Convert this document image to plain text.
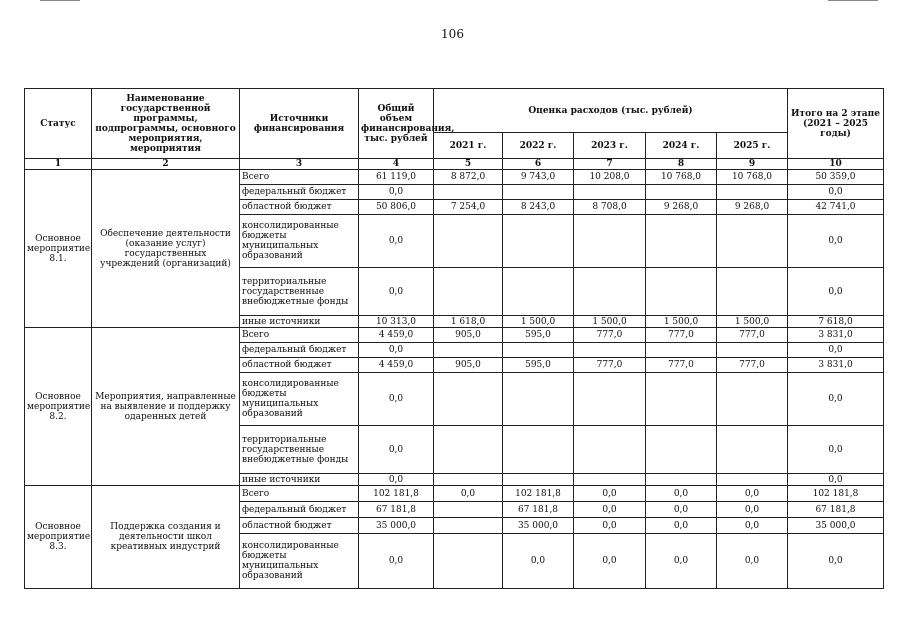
106
Статус	Наименование государственной программы, подпрограммы, основного мероприятия, мероприятия	Источники финансирования	Общий объем финансирования, тыс. рублей	Оценка расходов (тыс. рублей)					Итого на 2 этапе (2021 – 2025 годы)
				2021 г.	2022 г.	2023 г.	2024 г.	2025 г.	
1	2	3	4	5	6	7	8	9	10
Основное мероприятие 8.1.	Обеспечение деятельности (оказание услуг) государственных учреждений (организаций)	Всего	61 119,0	8 872,0	9 743,0	10 208,0	10 768,0	10 768,0	50 359,0
		федеральный бюджет	0,0						0,0
		областной бюджет	50 806,0	7 254,0	8 243,0	8 708,0	9 268,0	9 268,0	42 741,0
		консолидированные бюджеты муниципальных образований	0,0						0,0
		территориальные государственные внебюджетные фонды	0,0						0,0
		иные источники	10 313,0	1 618,0	1 500,0	1 500,0	1 500,0	1 500,0	7 618,0
Основное мероприятие 8.2.	Мероприятия, направленные на выявление и поддержку одаренных детей	Всего	4 459,0	905,0	595,0	777,0	777,0	777,0	3 831,0
		федеральный бюджет	0,0						0,0
		областной бюджет	4 459,0	905,0	595,0	777,0	777,0	777,0	3 831,0
		консолидированные бюджеты муниципальных образований	0,0						0,0
		территориальные государственные внебюджетные фонды	0,0						0,0
		иные источники	0,0						0,0
Основное мероприятие 8.3.	Поддержка создания и деятельности школ креативных индустрий	Всего	102 181,8	0,0	102 181,8	0,0	0,0	0,0	102 181,8
		федеральный бюджет	67 181,8		67 181,8	0,0	0,0	0,0	67 181,8
		областной бюджет	35 000,0		35 000,0	0,0	0,0	0,0	35 000,0
		консолидированные бюджеты муниципальных образований	0,0		0,0	0,0	0,0	0,0	0,0
